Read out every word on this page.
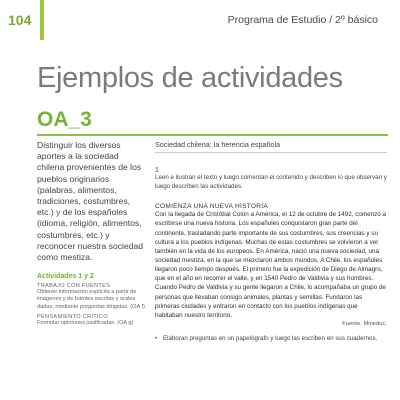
104	Programa de Estudio / 2º básico
Ejemplos de actividades
OA_3

Distinguir los diversos aportes a la sociedad chilena provenientes de los pueblos originarios (palabras, alimentos, tradiciones, costumbres, etc.) y de los españoles (idioma, religión, alimentos, costumbres, etc.) y reconocer nuestra sociedad como mestiza.

Actividades 1 y 2
TRABAJO CON FUENTES
Obtener información explícita a partir de imágenes y de fuentes escritas y orales dadas, mediante preguntas dirigidas. (OA f)
PENSAMIENTO CRÍTICO
Formular opiniones justificadas. (OA g)
Sociedad chilena: la herencia española
1
Leen e ilustran el texto y luego comentan el contenido y describen lo que observan y luego describen las actividades.
COMIENZA UNA NUEVA HISTORIA
Con la llegada de Cristóbal Colón a América, el 12 de octubre de 1492, comenzó a escribirse una nueva historia. Los españoles conquistaron gran parte del continente, trasladando parte importante de sus costumbres, sus creencias y su cultura a los pueblos indígenas. Muchas de estas costumbres se volvieron a ver también en la vida de los europeos. En América, nació una nueva sociedad, una sociedad mestiza, en la que se mezclaron ambos mundos. A Chile, los españoles llegaron poco tiempo después. El primero fue la expedición de Diego de Almagro, que en el año en recorrer el valle, y en 1540 Pedro de Valdivia y sus hombres. Cuando Pedro de Valdivia y su gente llegaron a Chile, lo acompañaba un grupo de personas que llevaban consigo animales, plantas y semillas. Fundaron las primeras ciudades y entraron en contacto con los pueblos indígenas que habitaban nuestro territorio.
Fuente: Mineduc.
• Elaboran preguntas en un papelógrafo y luego las escriben en sus cuadernos.
